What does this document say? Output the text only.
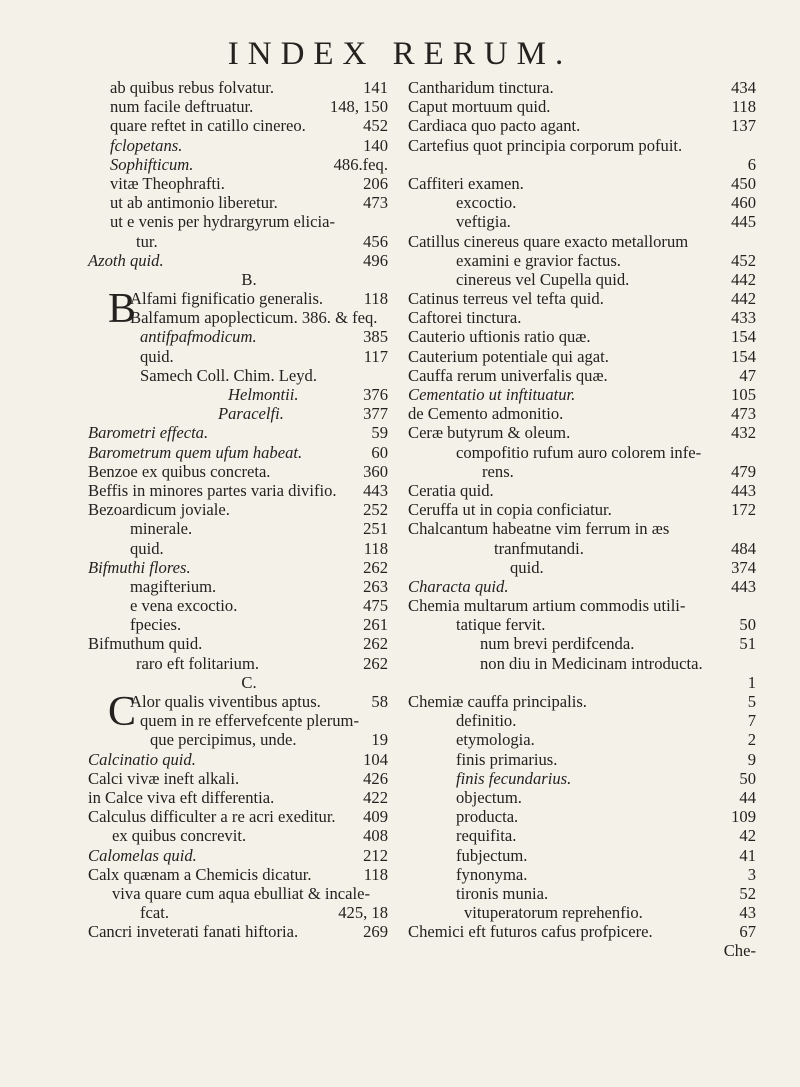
INDEX RERUM.
ab quibus rebus folvatur.	141
num facile deftruatur.	148, 150
quare reftet in catillo cinereo.	452
fclopetans.	140
Sophifticum.	486.feq.
vitæ Theophrafti.	206
ut ab antimonio liberetur.	473
ut e venis per hydrargyrum elicia-
tur.	456
Azoth quid.	496
B.
B
Alfami fignificatio generalis. 118
Balfamum apoplecticum. 386. & feq.
antifpafmodicum.	385
quid.	117
Samech Coll. Chim. Leyd.
Helmontii.	376
Paracelfi.	377
Barometri effecta.	59
Barometrum quem ufum habeat.	60
Benzoe ex quibus concreta.	360
Beffis in minores partes varia divifio. 443
Bezoardicum joviale.	252
minerale.	251
quid.	118
Bifmuthi flores.	262
magifterium.	263
e vena excoctio.	475
fpecies.	261
Bifmuthum quid.	262
raro eft folitarium.	262
C.
C
Alor qualis viventibus aptus.	58
quem in re effervefcente plerum-
que percipimus, unde.	19
Calcinatio quid.	104
Calci vivæ ineft alkali.	426
in Calce viva eft differentia.	422
Calculus difficulter a re acri exeditur. 409
ex quibus concrevit.	408
Calomelas quid.	212
Calx quænam a Chemicis dicatur.	118
viva quare cum aqua ebulliat & incale-
fcat.	425, 18
Cancri inveterati fanati hiftoria.	269
Cantharidum tinctura.	434
Caput mortuum quid.	118
Cardiaca quo pacto agant.	137
Cartefius quot principia corporum pofuit.
6
Caffiteri examen.	450
excoctio.	460
veftigia.	445
Catillus cinereus quare exacto metallorum
examini e gravior factus.	452
cinereus vel Cupella quid.	442
Catinus terreus vel tefta quid.	442
Caftorei tinctura.	433
Cauterio uftionis ratio quæ.	154
Cauterium potentiale qui agat.	154
Cauffa rerum univerfalis quæ.	47
Cementatio ut inftituatur.	105
de Cemento admonitio.	473
Ceræ butyrum & oleum.	432
compofitio rufum auro colorem infe-
rens.	479
Ceratia quid.	443
Ceruffa ut in copia conficiatur.	172
Chalcantum habeatne vim ferrum in æs
tranfmutandi.	484
quid.	374
Characta quid.	443
Chemia multarum artium commodis utili-
tatique fervit.	50
num brevi perdifcenda.	51
non diu in Medicinam introducta.
1
Chemiæ cauffa principalis.	5
definitio.	7
etymologia.	2
finis primarius.	9
finis fecundarius.	50
objectum.	44
producta.	109
requifita.	42
fubjectum.	41
fynonyma.	3
tironis munia.	52
vituperatorum reprehenfio.	43
Chemici eft futuros cafus profpicere.	67
Che-
